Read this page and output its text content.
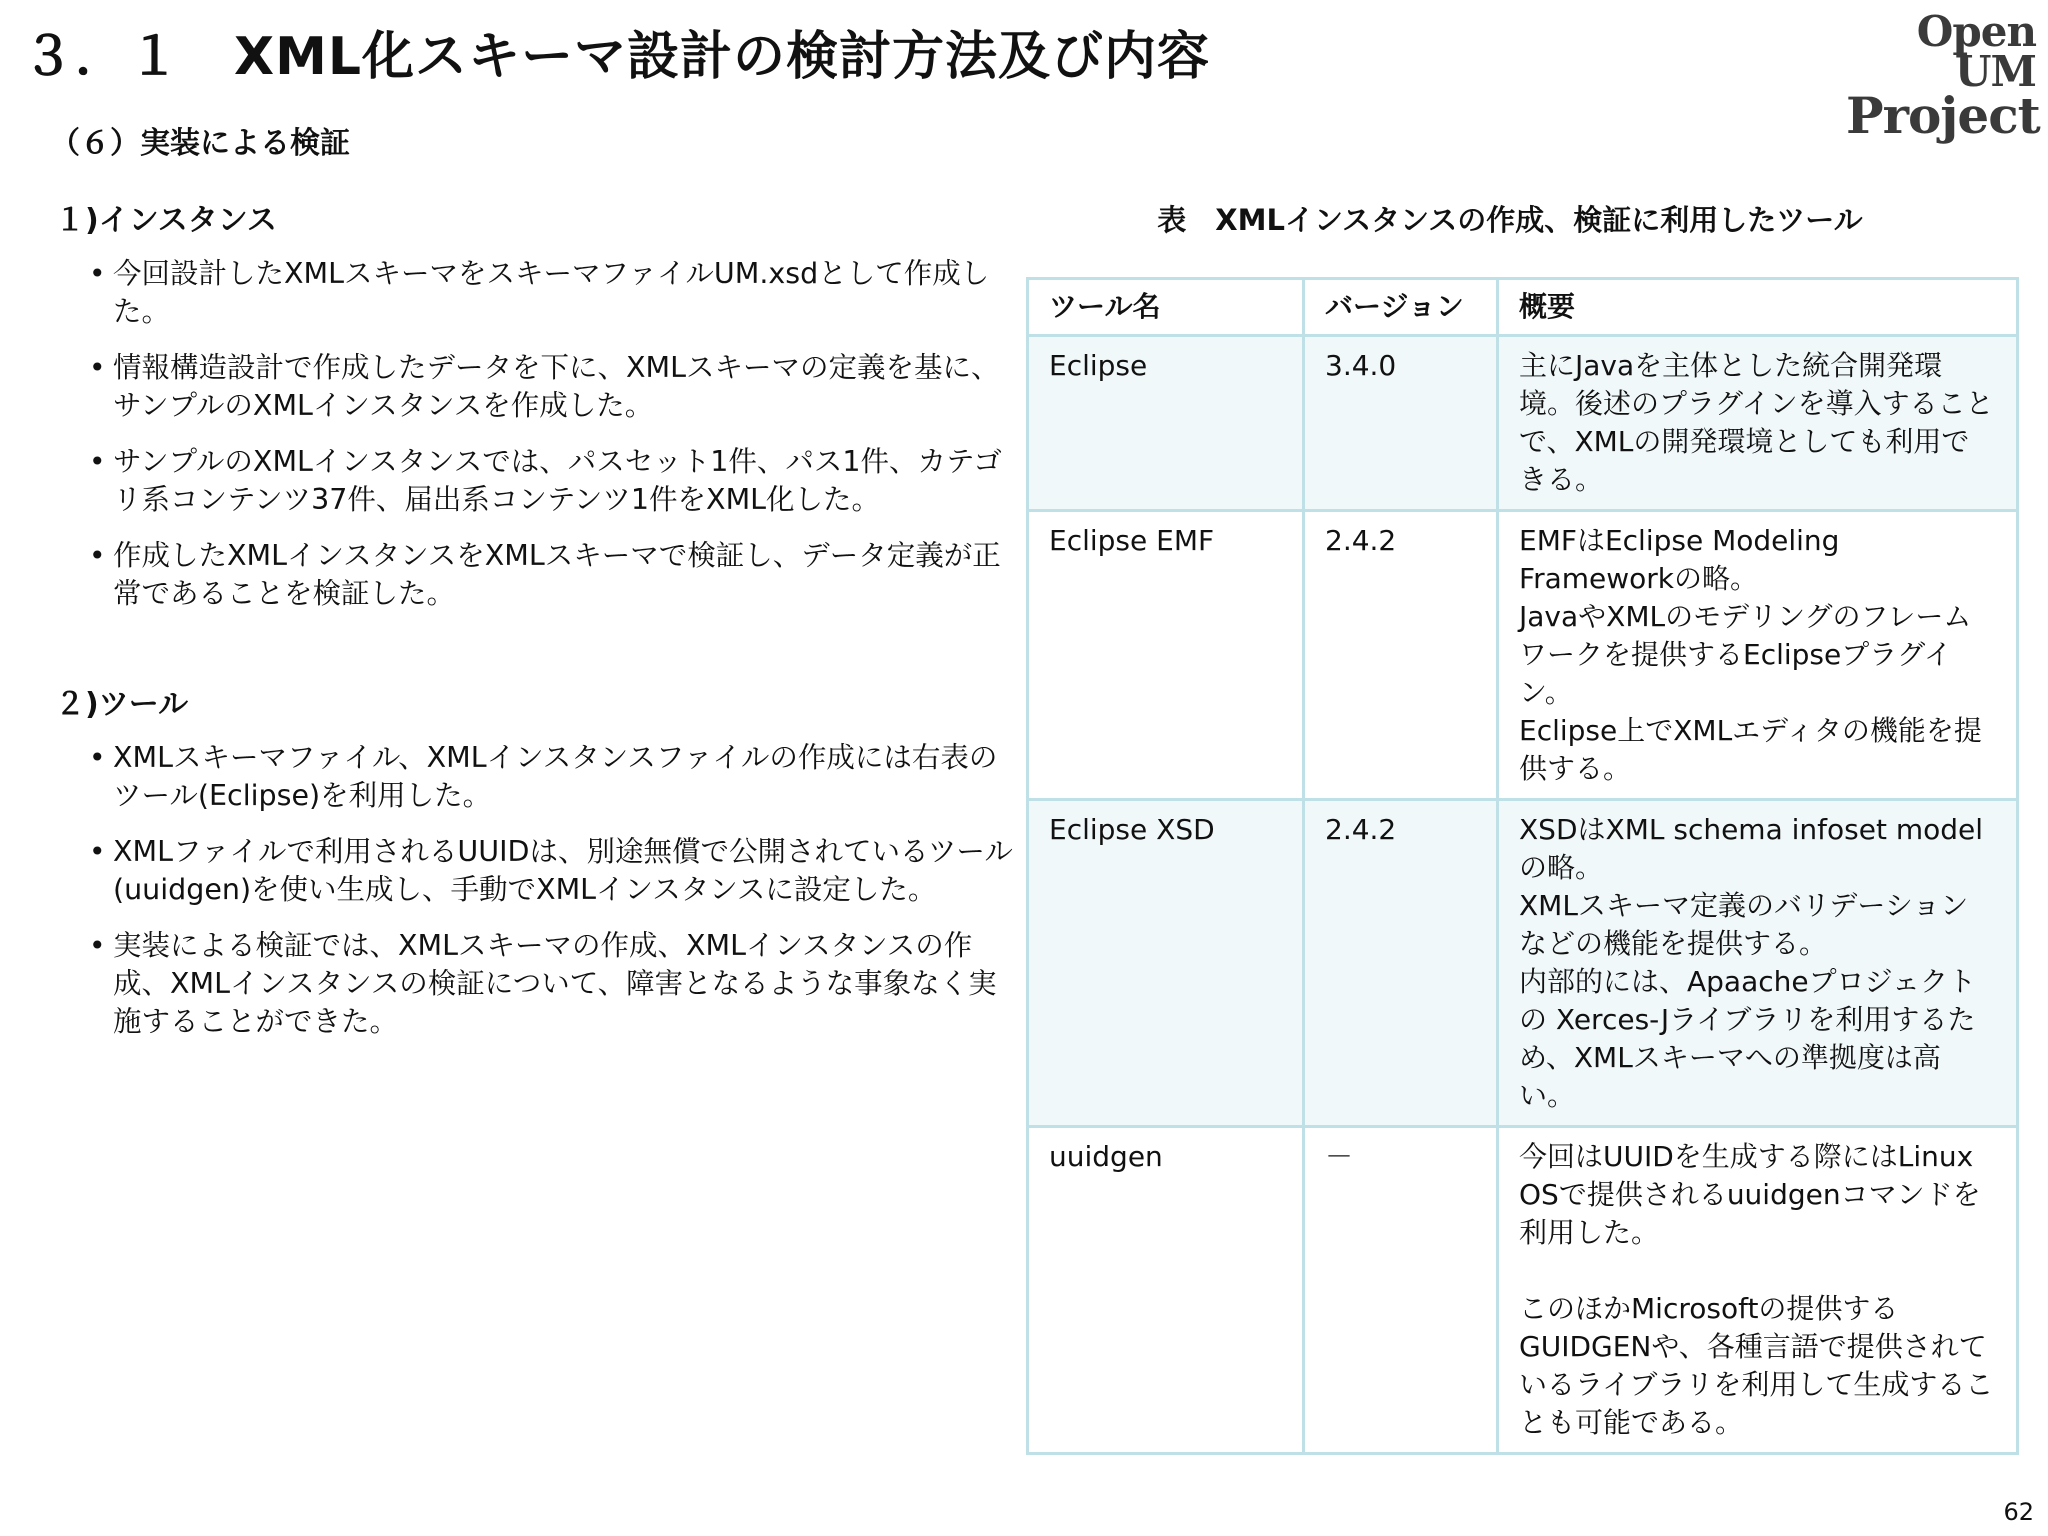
３．１　XML化スキーマ設計の検討方法及び内容	Open UM
Project
（６）実装による検証
１)インスタンス
• 今回設計したXMLスキーマをスキーマファイルUM.xsdとして作成した。
• 情報構造設計で作成したデータを下に、XMLスキーマの定義を基に、サンプルのXMLインスタンスを作成した。
• サンプルのXMLインスタンスでは、パスセット1件、パス1件、カテゴリ系コンテンツ37件、届出系コンテンツ1件をXML化した。
• 作成したXMLインスタンスをXMLスキーマで検証し、データ定義が正常であることを検証した。
２)ツール
• XMLスキーマファイル、XMLインスタンスファイルの作成には右表のツール(Eclipse)を利用した。
• XMLファイルで利用されるUUIDは、別途無償で公開されているツール(uuidgen)を使い生成し、手動でXMLインスタンスに設定した。
• 実装による検証では、XMLスキーマの作成、XMLインスタンスの作成、XMLインスタンスの検証について、障害となるような事象なく実施することができた。

表　XMLインスタンスの作成、検証に利用したツール

ツール名	バージョン	概要
Eclipse	3.4.0	主にJavaを主体とした統合開発環境。後述のプラグインを導入することで、XMLの開発環境としても利用できる。

Eclipse EMF	2.4.2	EMFはEclipse Modeling Frameworkの略。
JavaやXMLのモデリングのフレームワークを提供するEclipseプラグイン。
Eclipse上でXMLエディタの機能を提供する。

Eclipse XSD	2.4.2	XSDはXML schema infoset modelの略。
XMLスキーマ定義のバリデーションなどの機能を提供する。
内部的には、Apaacheプロジェクトの Xerces-Jライブラリを利用するため、XMLスキーマへの準拠度は高い。

uuidgen	－	今回はUUIDを生成する際にはLinux OSで提供されるuuidgenコマンドを利用した。

このほかMicrosoftの提供するGUIDGENや、各種言語で提供されているライブラリを利用して生成することも可能である。
62
